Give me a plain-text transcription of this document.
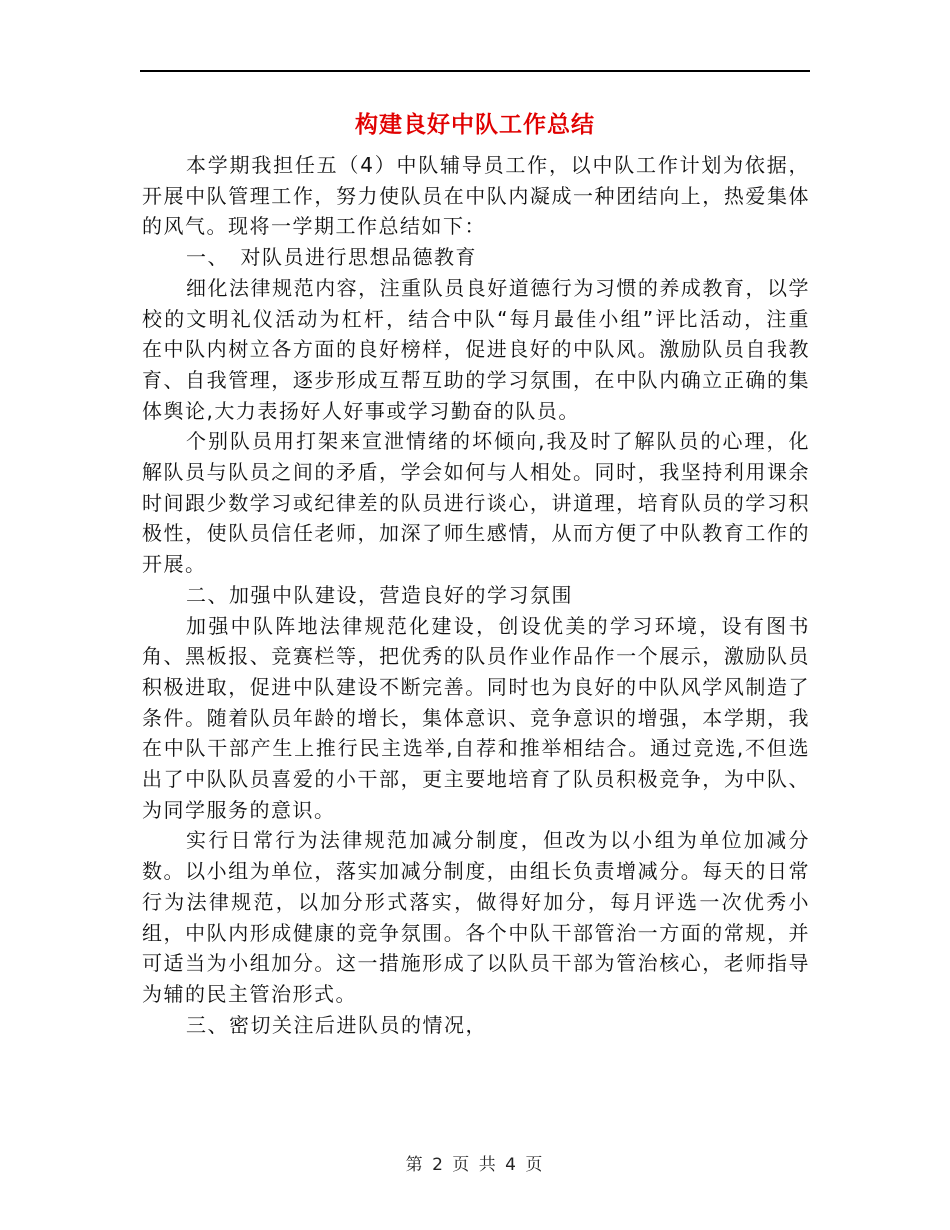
构建良好中队工作总结

本学期我担任五（4）中队辅导员工作，以中队工作计划为依据，开展中队管理工作，努力使队员在中队内凝成一种团结向上，热爱集体的风气。现将一学期工作总结如下：

一、　对队员进行思想品德教育

细化法律规范内容，注重队员良好道德行为习惯的养成教育，以学校的文明礼仪活动为杠杆，结合中队“每月最佳小组”评比活动，注重在中队内树立各方面的良好榜样，促进良好的中队风。激励队员自我教育、自我管理，逐步形成互帮互助的学习氛围，在中队内确立正确的集体舆论,大力表扬好人好事或学习勤奋的队员。

个别队员用打架来宣泄情绪的坏倾向,我及时了解队员的心理，化解队员与队员之间的矛盾，学会如何与人相处。同时，我坚持利用课余时间跟少数学习或纪律差的队员进行谈心，讲道理，培育队员的学习积极性，使队员信任老师，加深了师生感情，从而方便了中队教育工作的开展。

二、加强中队建设，营造良好的学习氛围

加强中队阵地法律规范化建设，创设优美的学习环境，设有图书角、黑板报、竞赛栏等，把优秀的队员作业作品作一个展示，激励队员积极进取，促进中队建设不断完善。同时也为良好的中队风学风制造了条件。随着队员年龄的增长，集体意识、竞争意识的增强，本学期，我在中队干部产生上推行民主选举,自荐和推举相结合。通过竞选,不但选出了中队队员喜爱的小干部，更主要地培育了队员积极竞争，为中队、为同学服务的意识。

实行日常行为法律规范加减分制度，但改为以小组为单位加减分数。以小组为单位，落实加减分制度，由组长负责增减分。每天的日常行为法律规范，以加分形式落实，做得好加分，每月评选一次优秀小组，中队内形成健康的竞争氛围。各个中队干部管治一方面的常规，并可适当为小组加分。这一措施形成了以队员干部为管治核心，老师指导为辅的民主管治形式。

三、密切关注后进队员的情况，

第 2 页 共 4 页
